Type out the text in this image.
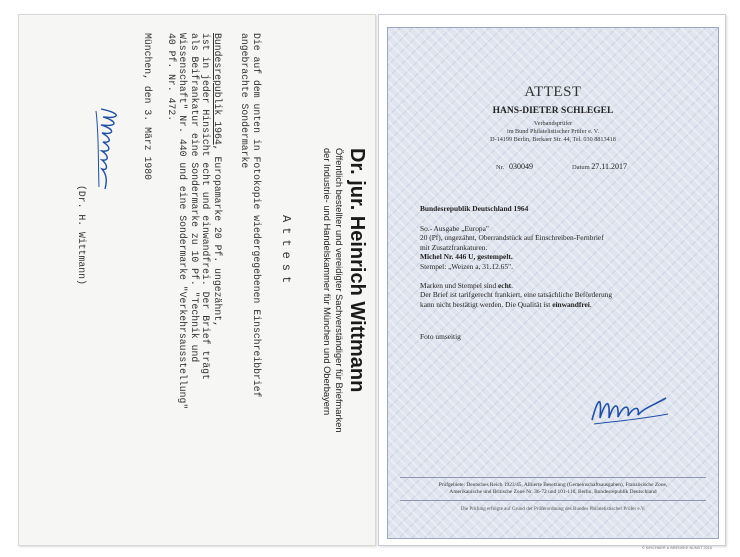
Dr. jur. Heinrich Wittmann

Öffentlich bestellter und vereidigter Sachverständiger für Briefmarken
der Industrie- und Handelskammer für München und Oberbayern
Attest
Die auf dem unten in Fotokopie wiedergegebenen Einschreibbrief
angebrachte Sondermarke
Bundesrepublik 1964, Europamarke 20 Pf. ungezähnt,
ist in jeder Hinsicht echt und einwandfrei. Der Brief trägt
als Beifrankatur eine Sondermarke zu 10 Pf. "Technik und
Wissenschaft" Nr. 440 und eine Sondermarke "Verkehrsausstellung"
40 Pf. Nr. 472.
München, den 3. März 1980
(Dr. H. Wittmann)
ATTEST
HANS-DIETER SCHLEGEL
Verbandsprüfer
im Bund Philatelistischer Prüfer e. V.
D-14199 Berlin, Berkaer Str. 44, Tel. 030 8813418
Nr. 030049	Datum 27.11.2017
Bundesrepublik Deutschland 1964
So.- Ausgabe „Europa"
20 (Pf), ungezähnt, Oberrandstück auf Einschreiben-Fernbrief
mit Zusatzfrankaturen.
Michel Nr. 446 U, gestempelt.
Stempel: „Weizen a, 31.12.65".
Marken und Stempel sind echt.
Der Brief ist tarifgerecht frankiert, eine tatsächliche Beförderung
kann nicht bestätigt werden. Die Qualität ist einwandfrei.
Foto umseitig
Prüfgebiete: Deutsches Reich 1923/45, Alliierte Besetzung (Gemeinschaftsausgaben), Französische Zone,
Amerikanische und Britische Zone Nr. 36-72 und 101-110, Berlin, Bundesrepublik Deutschland
Die Prüfung erfolgte auf Grund der Prüferordnung des Bundes Philatelistischer Prüfer e.V.
© KIRCHNER & BRENSKE BUNDT 2016
